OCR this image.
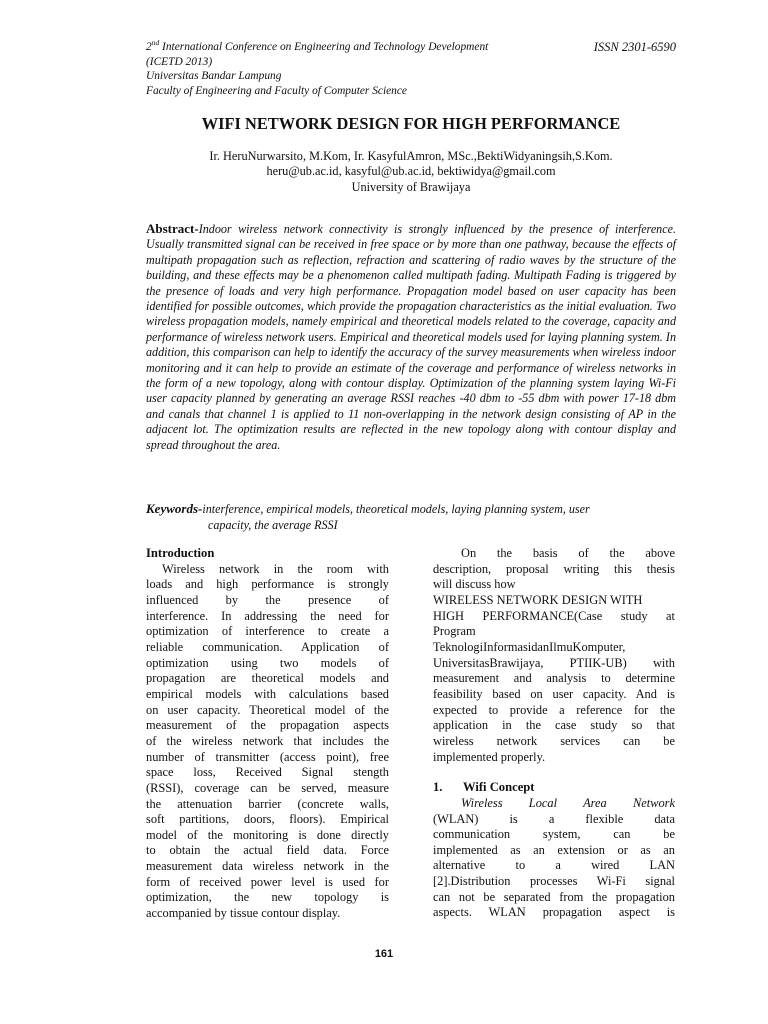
ISSN 2301-6590
2nd International Conference on Engineering and Technology Development
(ICETD 2013)
Universitas Bandar Lampung
Faculty of Engineering and Faculty of Computer Science
WIFI NETWORK DESIGN FOR HIGH PERFORMANCE
Ir. HeruNurwarsito, M.Kom, Ir. KasyfulAmron, MSc.,BektiWidyaningsih,S.Kom.
heru@ub.ac.id, kasyful@ub.ac.id, bektiwidya@gmail.com
University of Brawijaya
Abstract-Indoor wireless network connectivity is strongly influenced by the presence of interference. Usually transmitted signal can be received in free space or by more than one pathway, because the effects of multipath propagation such as reflection, refraction and scattering of radio waves by the structure of the building, and these effects may be a phenomenon called multipath fading. Multipath Fading is triggered by the presence of loads and very high performance. Propagation model based on user capacity has been identified for possible outcomes, which provide the propagation characteristics as the initial evaluation. Two wireless propagation models, namely empirical and theoretical models related to the coverage, capacity and performance of wireless network users. Empirical and theoretical models used for laying planning system. In addition, this comparison can help to identify the accuracy of the survey measurements when wireless indoor monitoring and it can help to provide an estimate of the coverage and performance of wireless networks in the form of a new topology, along with contour display. Optimization of the planning system laying Wi-Fi user capacity planned by generating an average RSSI reaches -40 dbm to -55 dbm with power 17-18 dbm and canals that channel 1 is applied to 11 non-overlapping in the network design consisting of AP in the adjacent lot. The optimization results are reflected in the new topology along with contour display and spread throughout the area.
Keywords-interference, empirical models, theoretical models, laying planning system, user
capacity, the average RSSI
Introduction
Wireless network in the room with
loads and high performance is strongly
influenced by the presence of
interference. In addressing the need for
optimization of interference to create a
reliable communication. Application of
optimization using two models of
propagation are theoretical models and
empirical models with calculations based
on user capacity. Theoretical model of the
measurement of the propagation aspects
of the wireless network that includes the
number of transmitter (access point), free
space loss, Received Signal stength
(RSSI), coverage can be served, measure
the attenuation barrier (concrete walls,
soft partitions, doors, floors). Empirical
model of the monitoring is done directly
to obtain the actual field data. Force
measurement data wireless network in the
form of received power level is used for
optimization, the new topology is
accompanied by tissue contour display.
On the basis of the above
description, proposal writing this thesis
will discuss how
WIRELESS NETWORK DESIGN WITH
HIGH PERFORMANCE(Case study at
Program
TeknologiInformasidanIlmuKomputer,
UniversitasBrawijaya, PTIIK-UB) with
measurement and analysis to determine
feasibility based on user capacity. And is
expected to provide a reference for the
application in the case study so that
wireless network services can be
implemented properly.
1. Wifi Concept
Wireless Local Area Network
(WLAN) is a flexible data
communication system, can be
implemented as an extension or as an
alternative to a wired LAN
[2].Distribution processes Wi-Fi signal
can not be separated from the propagation
aspects. WLAN propagation aspect is
161
